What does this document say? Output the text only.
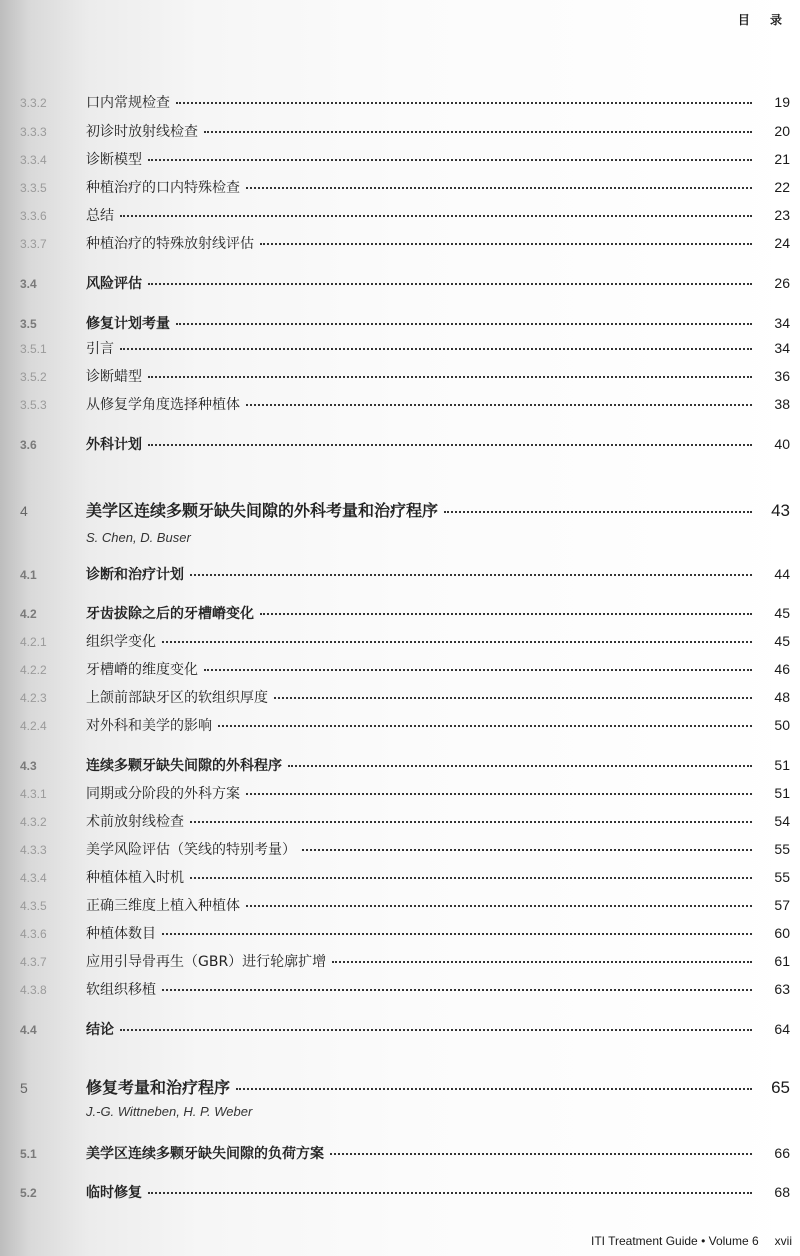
目 录
3.3.2	口内常规检查	19
3.3.3	初诊时放射线检查	20
3.3.4	诊断模型	21
3.3.5	种植治疗的口内特殊检查	22
3.3.6	总结	23
3.3.7	种植治疗的特殊放射线评估	24
3.4	风险评估	26
3.5	修复计划考量	34
3.5.1	引言	34
3.5.2	诊断蜡型	36
3.5.3	从修复学角度选择种植体	38
3.6	外科计划	40
4	美学区连续多颗牙缺失间隙的外科考量和治疗程序	43
4.1	诊断和治疗计划	44
4.2	牙齿拔除之后的牙槽嵴变化	45
4.2.1	组织学变化	45
4.2.2	牙槽嵴的维度变化	46
4.2.3	上颌前部缺牙区的软组织厚度	48
4.2.4	对外科和美学的影响	50
4.3	连续多颗牙缺失间隙的外科程序	51
4.3.1	同期或分阶段的外科方案	51
4.3.2	术前放射线检查	54
4.3.3	美学风险评估（笑线的特别考量）	55
4.3.4	种植体植入时机	55
4.3.5	正确三维度上植入种植体	57
4.3.6	种植体数目	60
4.3.7	应用引导骨再生（GBR）进行轮廓扩增	61
4.3.8	软组织移植	63
4.4	结论	64
5	修复考量和治疗程序	65
5.1	美学区连续多颗牙缺失间隙的负荷方案	66
5.2	临时修复	68
S. Chen, D. Buser
J.-G. Wittneben, H. P. Weber
ITI Treatment Guide • Volume 6 xvii
